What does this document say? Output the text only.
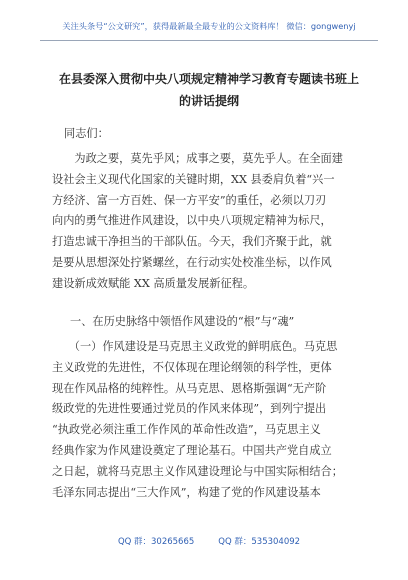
关注头条号“公文研究”，获得最新最全最专业的公文资料库！ 微信：gongwenyj
在县委深入贯彻中央八项规定精神学习教育专题读书班上
的讲话提纲
同志们：
　　为政之要，莫先乎风；成事之要，莫先乎人。在全面建
设社会主义现代化国家的关键时期，XX 县委肩负着“兴一
方经济、富一方百姓、保一方平安”的重任，必须以刀刃
向内的勇气推进作风建设，以中央八项规定精神为标尺，
打造忠诚干净担当的干部队伍。今天，我们齐聚于此，就
是要从思想深处拧紧螺丝，在行动实处校准坐标，以作风
建设新成效赋能 XX 高质量发展新征程。
一、在历史脉络中领悟作风建设的“根”与“魂”
　　（一）作风建设是马克思主义政党的鲜明底色。马克思
主义政党的先进性，不仅体现在理论纲领的科学性，更体
现在作风品格的纯粹性。从马克思、恩格斯强调“无产阶
级政党的先进性要通过党员的作风来体现”，到列宁提出
“执政党必须注重工作作风的革命性改造”，马克思主义
经典作家为作风建设奠定了理论基石。中国共产党自成立
之日起，就将马克思主义作风建设理论与中国实际相结合；
毛泽东同志提出“三大作风”，构建了党的作风建设基本
QQ 群：30265665	QQ 群：535304092
